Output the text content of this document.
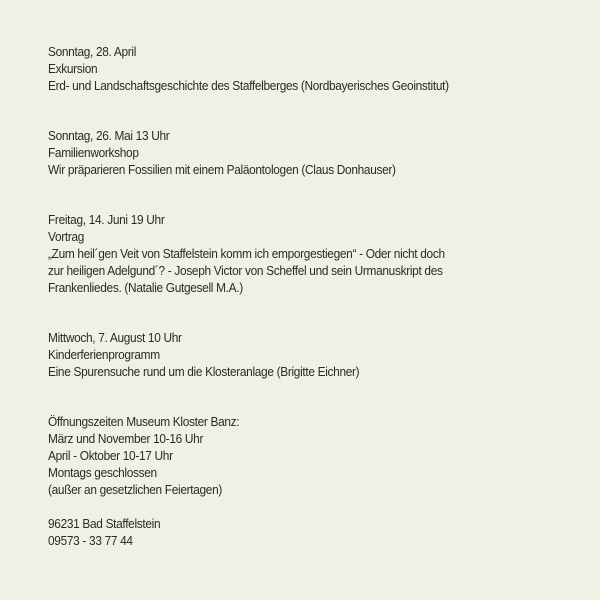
Sonntag, 28. April
Exkursion
Erd- und Landschaftsgeschichte des Staffelberges (Nordbayerisches Geoinstitut)
Sonntag, 26. Mai 13 Uhr
Familienworkshop
Wir präparieren Fossilien mit einem Paläontologen (Claus Donhauser)
Freitag, 14. Juni 19 Uhr
Vortrag
„Zum heil´gen Veit von Staffelstein komm ich emporgestiegen“ - Oder nicht doch
zur heiligen Adelgund´? - Joseph Victor von Scheffel und sein Urmanuskript des
Frankenliedes. (Natalie Gutgesell M.A.)
Mittwoch, 7. August 10 Uhr
Kinderferienprogramm
Eine Spurensuche rund um die Klosteranlage (Brigitte Eichner)
Öffnungszeiten Museum Kloster Banz:
März und November 10-16 Uhr
April - Oktober 10-17 Uhr
Montags geschlossen
(außer an gesetzlichen Feiertagen)
96231 Bad Staffelstein
09573 - 33 77 44
